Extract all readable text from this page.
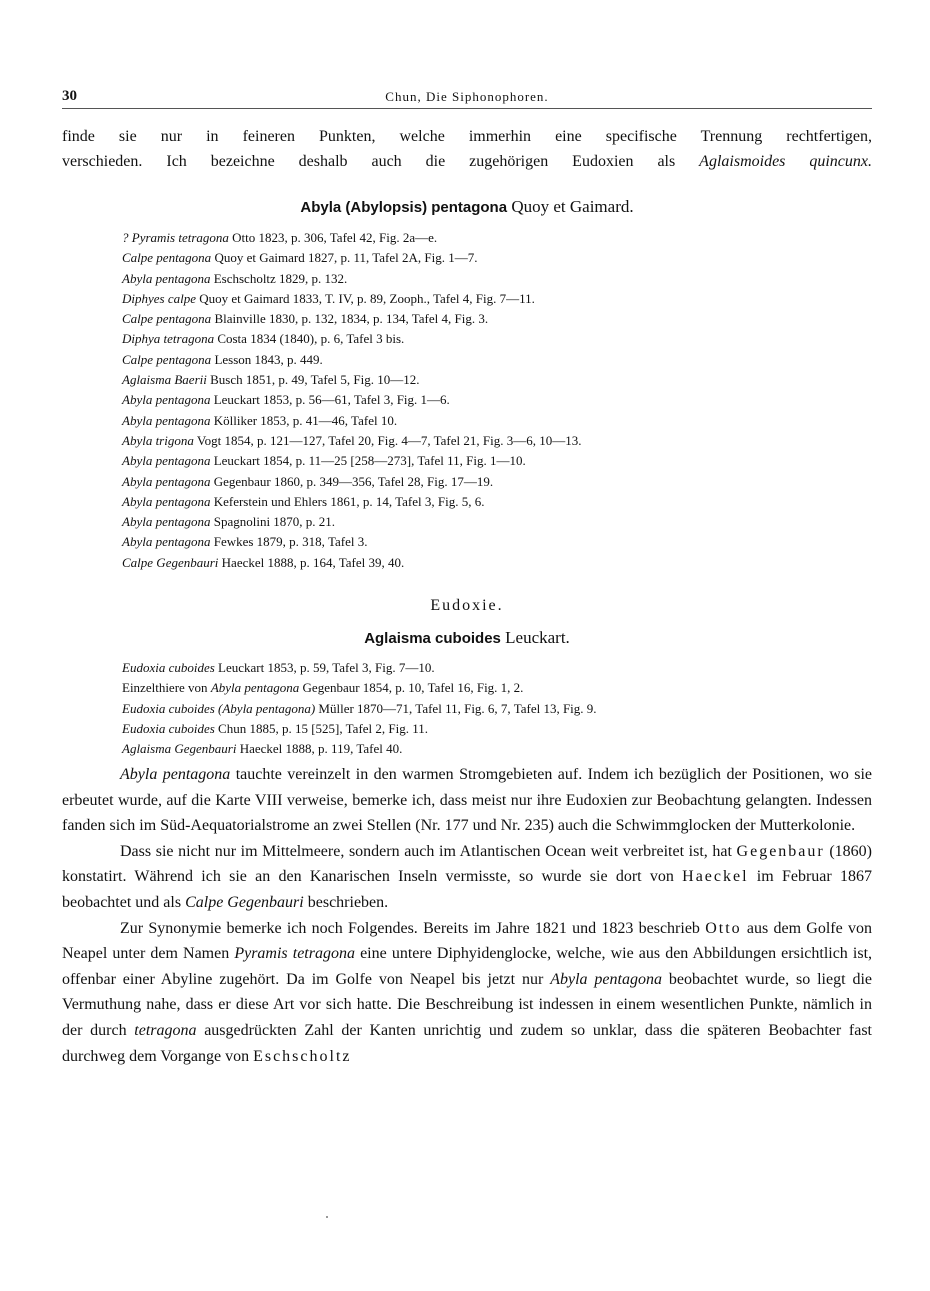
30	Chun, Die Siphonophoren.

finde sie nur in feineren Punkten, welche immerhin eine specifische Trennung rechtfertigen,

verschieden. Ich bezeichne deshalb auch die zugehörigen Eudoxien als Aglaismoides quincunx.

Abyla (Abylopsis) pentagona Quoy et Gaimard.
? Pyramis tetragona Otto 1823, p. 306, Tafel 42, Fig. 2a—e.
Calpe pentagona Quoy et Gaimard 1827, p. 11, Tafel 2A, Fig. 1—7.
Abyla pentagona Eschscholtz 1829, p. 132.
Diphyes calpe Quoy et Gaimard 1833, T. IV, p. 89, Zooph., Tafel 4, Fig. 7—11.
Calpe pentagona Blainville 1830, p. 132, 1834, p. 134, Tafel 4, Fig. 3.
Diphya tetragona Costa 1834 (1840), p. 6, Tafel 3 bis.
Calpe pentagona Lesson 1843, p. 449.
Aglaisma Baerii Busch 1851, p. 49, Tafel 5, Fig. 10—12.
Abyla pentagona Leuckart 1853, p. 56—61, Tafel 3, Fig. 1—6.
Abyla pentagona Kölliker 1853, p. 41—46, Tafel 10.
Abyla trigona Vogt 1854, p. 121—127, Tafel 20, Fig. 4—7, Tafel 21, Fig. 3—6, 10—13.
Abyla pentagona Leuckart 1854, p. 11—25 [258—273], Tafel 11, Fig. 1—10.
Abyla pentagona Gegenbaur 1860, p. 349—356, Tafel 28, Fig. 17—19.
Abyla pentagona Keferstein und Ehlers 1861, p. 14, Tafel 3, Fig. 5, 6.
Abyla pentagona Spagnolini 1870, p. 21.
Abyla pentagona Fewkes 1879, p. 318, Tafel 3.
Calpe Gegenbauri Haeckel 1888, p. 164, Tafel 39, 40.
Eudoxie.
Aglaisma cuboides Leuckart.
Eudoxia cuboides Leuckart 1853, p. 59, Tafel 3, Fig. 7—10.
Einzelthiere von Abyla pentagona Gegenbaur 1854, p. 10, Tafel 16, Fig. 1, 2.
Eudoxia cuboides (Abyla pentagona) Müller 1870—71, Tafel 11, Fig. 6, 7, Tafel 13, Fig. 9.
Eudoxia cuboides Chun 1885, p. 15 [525], Tafel 2, Fig. 11.
Aglaisma Gegenbauri Haeckel 1888, p. 119, Tafel 40.

Abyla pentagona tauchte vereinzelt in den warmen Stromgebieten auf. Indem ich bezüglich der Positionen, wo sie erbeutet wurde, auf die Karte VIII verweise, bemerke ich, dass meist nur ihre Eudoxien zur Beobachtung gelangten. Indessen fanden sich im Süd-Aequatorialstrome an zwei Stellen (Nr. 177 und Nr. 235) auch die Schwimmglocken der Mutterkolonie.

Dass sie nicht nur im Mittelmeere, sondern auch im Atlantischen Ocean weit verbreitet ist, hat Gegenbaur (1860) konstatirt. Während ich sie an den Kanarischen Inseln vermisste, so wurde sie dort von Haeckel im Februar 1867 beobachtet und als Calpe Gegenbauri beschrieben.

Zur Synonymie bemerke ich noch Folgendes. Bereits im Jahre 1821 und 1823 beschrieb Otto aus dem Golfe von Neapel unter dem Namen Pyramis tetragona eine untere Diphyidenglocke, welche, wie aus den Abbildungen ersichtlich ist, offenbar einer Abyline zugehört. Da im Golfe von Neapel bis jetzt nur Abyla pentagona beobachtet wurde, so liegt die Vermuthung nahe, dass er diese Art vor sich hatte. Die Beschreibung ist indessen in einem wesentlichen Punkte, nämlich in der durch tetragona ausgedrückten Zahl der Kanten unrichtig und zudem so unklar, dass die späteren Beobachter fast durchweg dem Vorgange von Eschscholtz
